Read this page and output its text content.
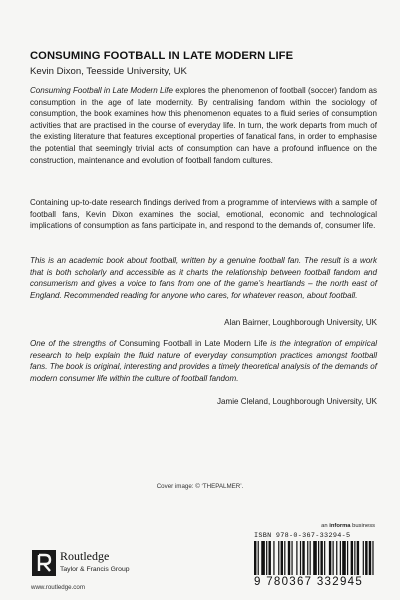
CONSUMING FOOTBALL IN LATE MODERN LIFE
Kevin Dixon, Teesside University, UK
Consuming Football in Late Modern Life explores the phenomenon of football (soccer) fandom as consumption in the age of late modernity. By centralising fandom within the sociology of consumption, the book examines how this phenomenon equates to a fluid series of consumption activities that are practised in the course of everyday life. In turn, the work departs from much of the existing literature that features exceptional properties of fanatical fans, in order to emphasise the potential that seemingly trivial acts of consumption can have a profound influence on the construction, maintenance and evolution of football fandom cultures.
Containing up-to-date research findings derived from a programme of interviews with a sample of football fans, Kevin Dixon examines the social, emotional, economic and technological implications of consumption as fans participate in, and respond to the demands of, consumer life.
This is an academic book about football, written by a genuine football fan. The result is a work that is both scholarly and accessible as it charts the relationship between football fandom and consumerism and gives a voice to fans from one of the game’s heartlands – the north east of England. Recommended reading for anyone who cares, for whatever reason, about football.
Alan Bairner, Loughborough University, UK
One of the strengths of Consuming Football in Late Modern Life is the integration of empirical research to help explain the fluid nature of everyday consumption practices amongst football fans. The book is original, interesting and provides a timely theoretical analysis of the demands of modern consumer life within the culture of football fandom.
Jamie Cleland, Loughborough University, UK
Cover image: © ‘THEPALMER’.
an informa business
Routledge
Taylor & Francis Group
www.routledge.com
ISBN 978-0-367-33294-5
9 780367 332945
